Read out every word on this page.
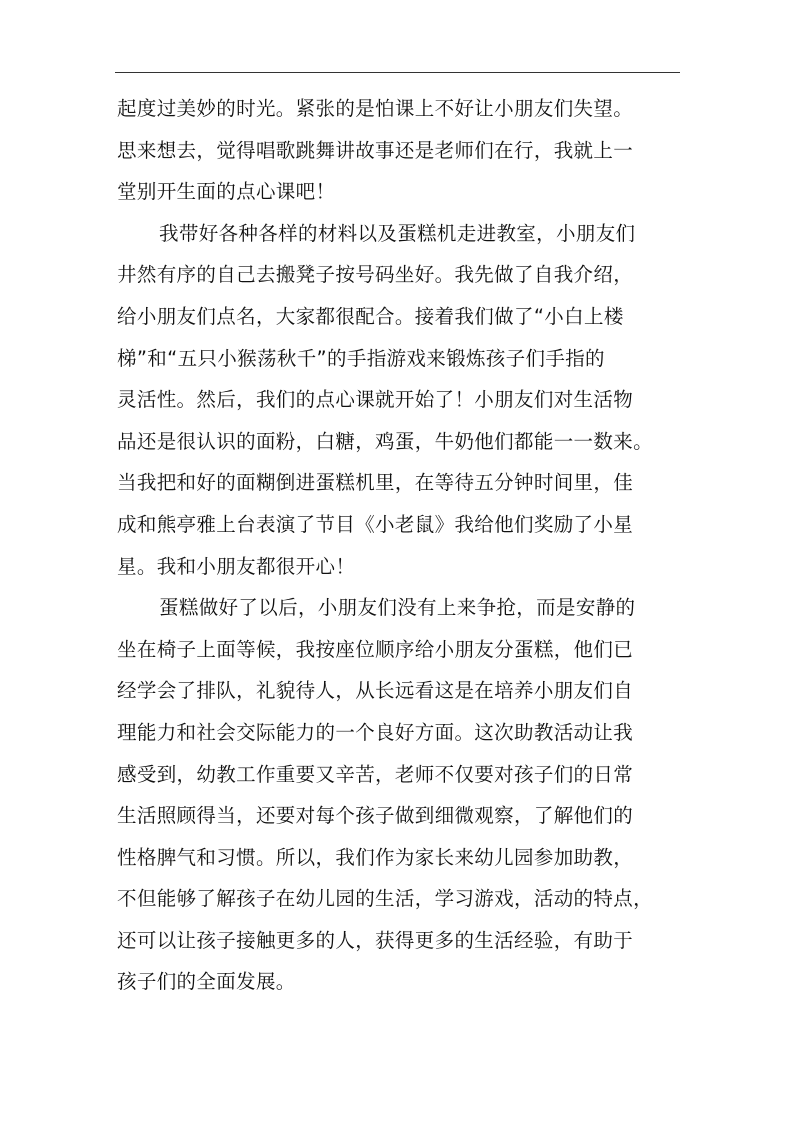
起度过美妙的时光。紧张的是怕课上不好让小朋友们失望。
思来想去，觉得唱歌跳舞讲故事还是老师们在行，我就上一
堂别开生面的点心课吧！
我带好各种各样的材料以及蛋糕机走进教室，小朋友们
井然有序的自己去搬凳子按号码坐好。我先做了自我介绍，
给小朋友们点名，大家都很配合。接着我们做了“小白上楼
梯”和“五只小猴荡秋千”的手指游戏来锻炼孩子们手指的
灵活性。然后，我们的点心课就开始了！小朋友们对生活物
品还是很认识的面粉，白糖，鸡蛋，牛奶他们都能一一数来。
当我把和好的面糊倒进蛋糕机里，在等待五分钟时间里，佳
成和熊亭雅上台表演了节目《小老鼠》我给他们奖励了小星
星。我和小朋友都很开心！
蛋糕做好了以后，小朋友们没有上来争抢，而是安静的
坐在椅子上面等候，我按座位顺序给小朋友分蛋糕，他们已
经学会了排队，礼貌待人，从长远看这是在培养小朋友们自
理能力和社会交际能力的一个良好方面。这次助教活动让我
感受到，幼教工作重要又辛苦，老师不仅要对孩子们的日常
生活照顾得当，还要对每个孩子做到细微观察，了解他们的
性格脾气和习惯。所以，我们作为家长来幼儿园参加助教，
不但能够了解孩子在幼儿园的生活，学习游戏，活动的特点，
还可以让孩子接触更多的人，获得更多的生活经验，有助于
孩子们的全面发展。
